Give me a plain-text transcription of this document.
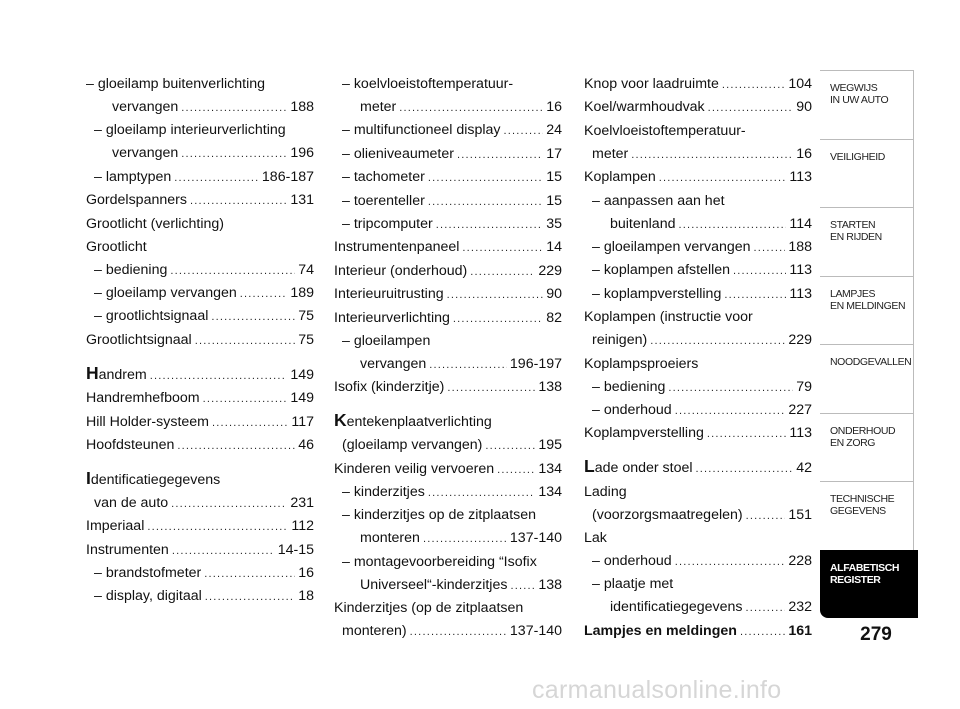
– gloeilamp buitenverlichting
vervangen .....	188
– gloeilamp interieurverlichting
vervangen .....	196
– lamptypen .....	186-187
Gordelspanners .....	131
Grootlicht (verlichting)
Grootlicht
– bediening .....	74
– gloeilamp vervangen .....	189
– grootlichtsignaal .....	75
Grootlichtsignaal .....	75
Handrem .....	149
Handremhefboom .....	149
Hill Holder-systeem .....	117
Hoofdsteunen .....	46
Identificatiegegevens
van de auto .....	231
Imperiaal .....	112
Instrumenten .....	14-15
– brandstofmeter .....	16
– display, digitaal .....	18
– koelvloeistoftemperatuur-
meter .....	16
– multifunctioneel display .....	24
– olieniveaumeter .....	17
– tachometer .....	15
– toerenteller .....	15
– tripcomputer .....	35
Instrumentenpaneel .....	14
Interieur (onderhoud) .....	229
Interieuruitrusting .....	90
Interieurverlichting .....	82
– gloeilampen
vervangen .....	196-197
Isofix (kinderzitje) .....	138
Kentekenplaatverlichting
(gloeilamp vervangen) .....	195
Kinderen veilig vervoeren .....	134
– kinderzitjes .....	134
– kinderzitjes op de zitplaatsen
monteren .....	137-140
– montagevoorbereiding “Isofix
Universeel“-kinderzitjes ..... 138
Kinderzitjes (op de zitplaatsen
monteren) .....	137-140
Knop voor laadruimte .....	104
Koel/warmhoudvak .....	90
Koelvloeistoftemperatuur-
meter .....	16
Koplampen .....	113
– aanpassen aan het
buitenland .....	114
– gloeilampen vervangen .....	188
– koplampen afstellen .....	113
– koplampverstelling .....	113
Koplampen (instructie voor
reinigen) .....	229
Koplampsproeiers
– bediening .....	79
– onderhoud .....	227
Koplampverstelling .....	113
Lade onder stoel .....	42
Lading
(voorzorgsmaatregelen) .....	151
Lak
– onderhoud .....	228
– plaatje met
identificatiegegevens .....	232
Lampjes en meldingen .....	161
WEGWIJS
IN UW AUTO
VEILIGHEID
STARTEN
EN RIJDEN
LAMPJES
EN MELDINGEN
NOODGEVALLEN
ONDERHOUD
EN ZORG
TECHNISCHE
GEGEVENS
ALFABETISCH
REGISTER
279
carmanualsonline.info
